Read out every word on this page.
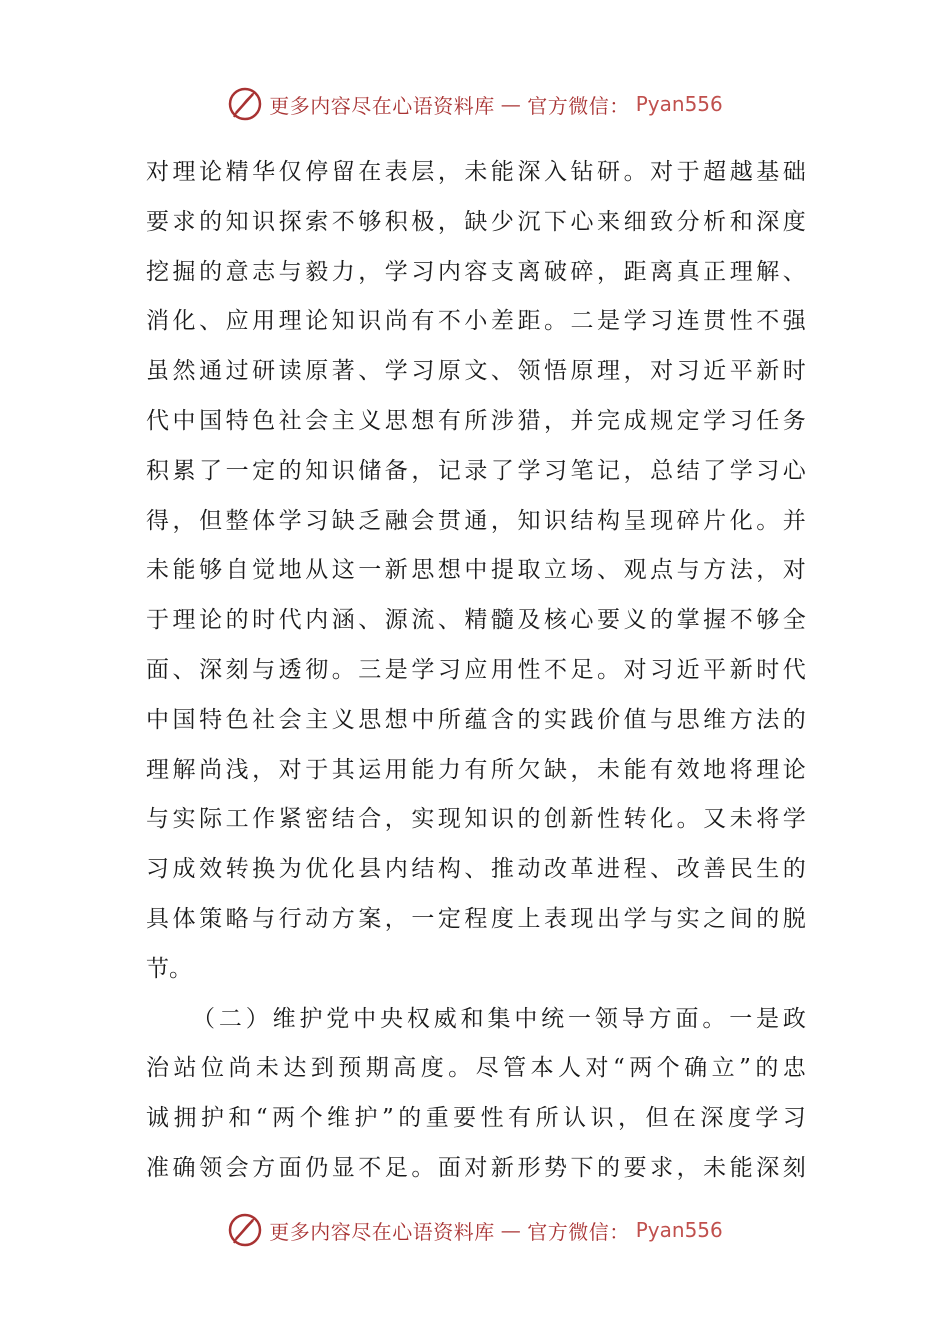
更多内容尽在心语资料库 — 官方微信： Pyan556
对 理 论 精 华 仅 停 留 在 表 层 ， 未 能 深 入 钻 研 。 对 于 超 越 基 础
要 求 的 知 识 探 索 不 够 积 极 ， 缺 少 沉 下 心 来 细 致 分 析 和 深 度
挖 掘 的 意 志 与 毅 力 ， 学 习 内 容 支 离 破 碎 ， 距 离 真 正 理 解 、
消 化 、 应 用 理 论 知 识 尚 有 不 小 差 距 。 二 是 学 习 连 贯 性 不 强
虽 然 通 过 研 读 原 著 、 学 习 原 文 、 领 悟 原 理 ， 对 习 近 平 新 时
代 中 国 特 色 社 会 主 义 思 想 有 所 涉 猎 ， 并 完 成 规 定 学 习 任 务
积 累 了 一 定 的 知 识 储 备 ， 记 录 了 学 习 笔 记 ， 总 结 了 学 习 心
得 ， 但 整 体 学 习 缺 乏 融 会 贯 通 ， 知 识 结 构 呈 现 碎 片 化 。 并
未 能 够 自 觉 地 从 这 一 新 思 想 中 提 取 立 场 、 观 点 与 方 法 ， 对
于 理 论 的 时 代 内 涵 、 源 流 、 精 髓 及 核 心 要 义 的 掌 握 不 够 全
面 、 深 刻 与 透 彻 。 三 是 学 习 应 用 性 不 足 。 对 习 近 平 新 时 代
中 国 特 色 社 会 主 义 思 想 中 所 蕴 含 的 实 践 价 值 与 思 维 方 法 的
理 解 尚 浅 ， 对 于 其 运 用 能 力 有 所 欠 缺 ， 未 能 有 效 地 将 理 论
与 实 际 工 作 紧 密 结 合 ， 实 现 知 识 的 创 新 性 转 化 。 又 未 将 学
习 成 效 转 换 为 优 化 县 内 结 构 、 推 动 改 革 进 程 、 改 善 民 生 的
具 体 策 略 与 行 动 方 案 ， 一 定 程 度 上 表 现 出 学 与 实 之 间 的 脱
节。
（ 二 ） 维 护 党 中 央 权 威 和 集 中 统 一 领 导 方 面 。 一 是 政
治 站 位 尚 未 达 到 预 期 高 度 。 尽 管 本 人 对 “ 两 个 确 立 ” 的 忠
诚 拥 护 和 “ 两 个 维 护 ” 的 重 要 性 有 所 认 识 ， 但 在 深 度 学 习
准 确 领 会 方 面 仍 显 不 足 。 面 对 新 形 势 下 的 要 求 ， 未 能 深 刻
更多内容尽在心语资料库 — 官方微信： Pyan556
